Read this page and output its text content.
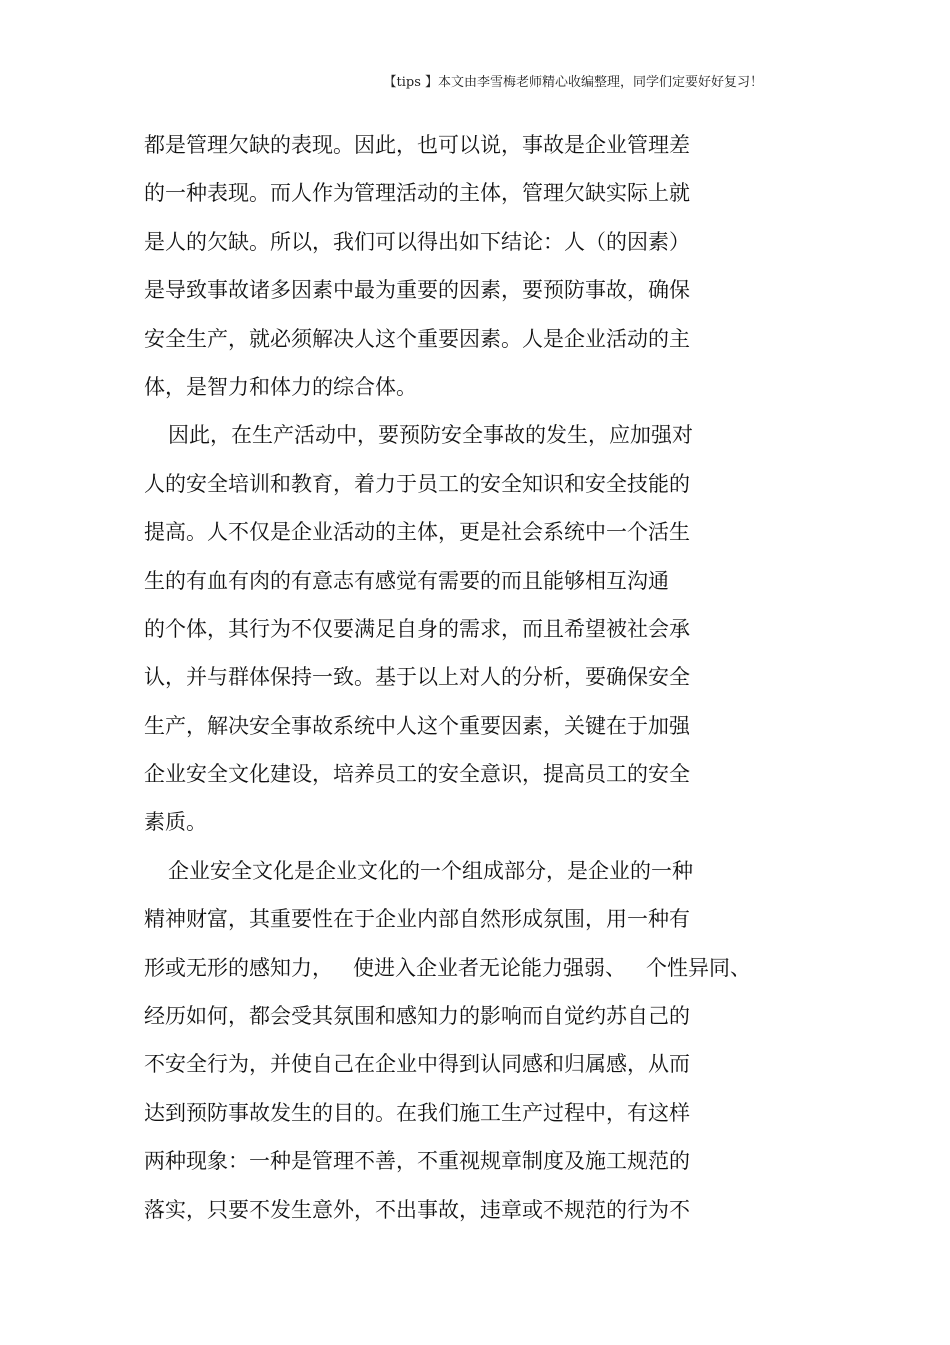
【tips 】本文由李雪梅老师精心收编整理，同学们定要好好复习！
都是管理欠缺的表现。因此，也可以说，事故是企业管理差
的一种表现。而人作为管理活动的主体，管理欠缺实际上就
是人的欠缺。所以，我们可以得出如下结论：人（的因素）
是导致事故诸多因素中最为重要的因素，要预防事故，确保
安全生产，就必须解决人这个重要因素。人是企业活动的主
体，是智力和体力的综合体。
因此，在生产活动中，要预防安全事故的发生，应加强对
人的安全培训和教育，着力于员工的安全知识和安全技能的
提高。人不仅是企业活动的主体，更是社会系统中一个活生
生的有血有肉的有意志有感觉有需要的而且能够相互沟通
的个体，其行为不仅要满足自身的需求，而且希望被社会承
认，并与群体保持一致。基于以上对人的分析，要确保安全
生产，解决安全事故系统中人这个重要因素，关键在于加强
企业安全文化建设，培养员工的安全意识，提高员工的安全
素质。
企业安全文化是企业文化的一个组成部分，是企业的一种
精神财富，其重要性在于企业内部自然形成氛围，用一种有
形或无形的感知力，   使进入企业者无论能力强弱、   个性异同、
经历如何，都会受其氛围和感知力的影响而自觉约苏自己的
不安全行为，并使自己在企业中得到认同感和归属感，从而
达到预防事故发生的目的。在我们施工生产过程中，有这样
两种现象：一种是管理不善，不重视规章制度及施工规范的
落实，只要不发生意外，不出事故，违章或不规范的行为不
